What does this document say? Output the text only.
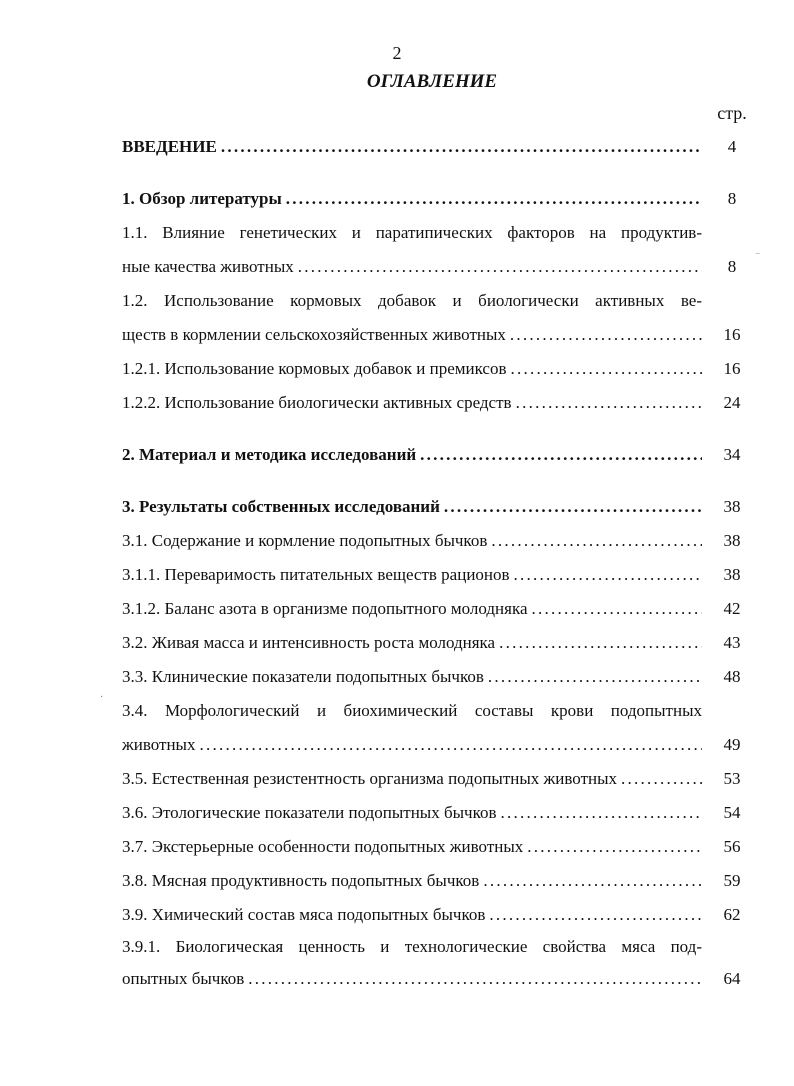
2
ОГЛАВЛЕНИЕ
стр.
ВВЕДЕНИЕ . . .	4
1. Обзор литературы . . .	8
1.1. Влияние генетических и паратипических факторов на продуктив-
ные качества животных . . .	8
1.2. Использование кормовых добавок и биологически активных ве-
ществ в кормлении сельскохозяйственных животных . . .	16
1.2.1. Использование кормовых добавок и премиксов . . .	16
1.2.2. Использование биологически активных средств . . .	24
2. Материал и методика исследований . . .	34
3. Результаты собственных исследований . . .	38
3.1. Содержание и кормление подопытных бычков . . .	38
3.1.1. Переваримость питательных веществ рационов . . .	38
3.1.2. Баланс азота в организме подопытного молодняка . . .	42
3.2. Живая масса и интенсивность роста молодняка . . .	43
3.3. Клинические показатели подопытных бычков . . .	48
3.4. Морфологический и биохимический составы крови подопытных
животных . . .	49
3.5. Естественная резистентность организма подопытных животных . . .	53
3.6. Этологические показатели подопытных бычков . . .	54
3.7. Экстерьерные особенности подопытных животных . . .	56
3.8. Мясная продуктивность подопытных бычков . . .	59
3.9. Химический состав мяса подопытных бычков . . .	62
3.9.1. Биологическая ценность и технологические свойства мяса под-
опытных бычков . . .	64
‾
·
